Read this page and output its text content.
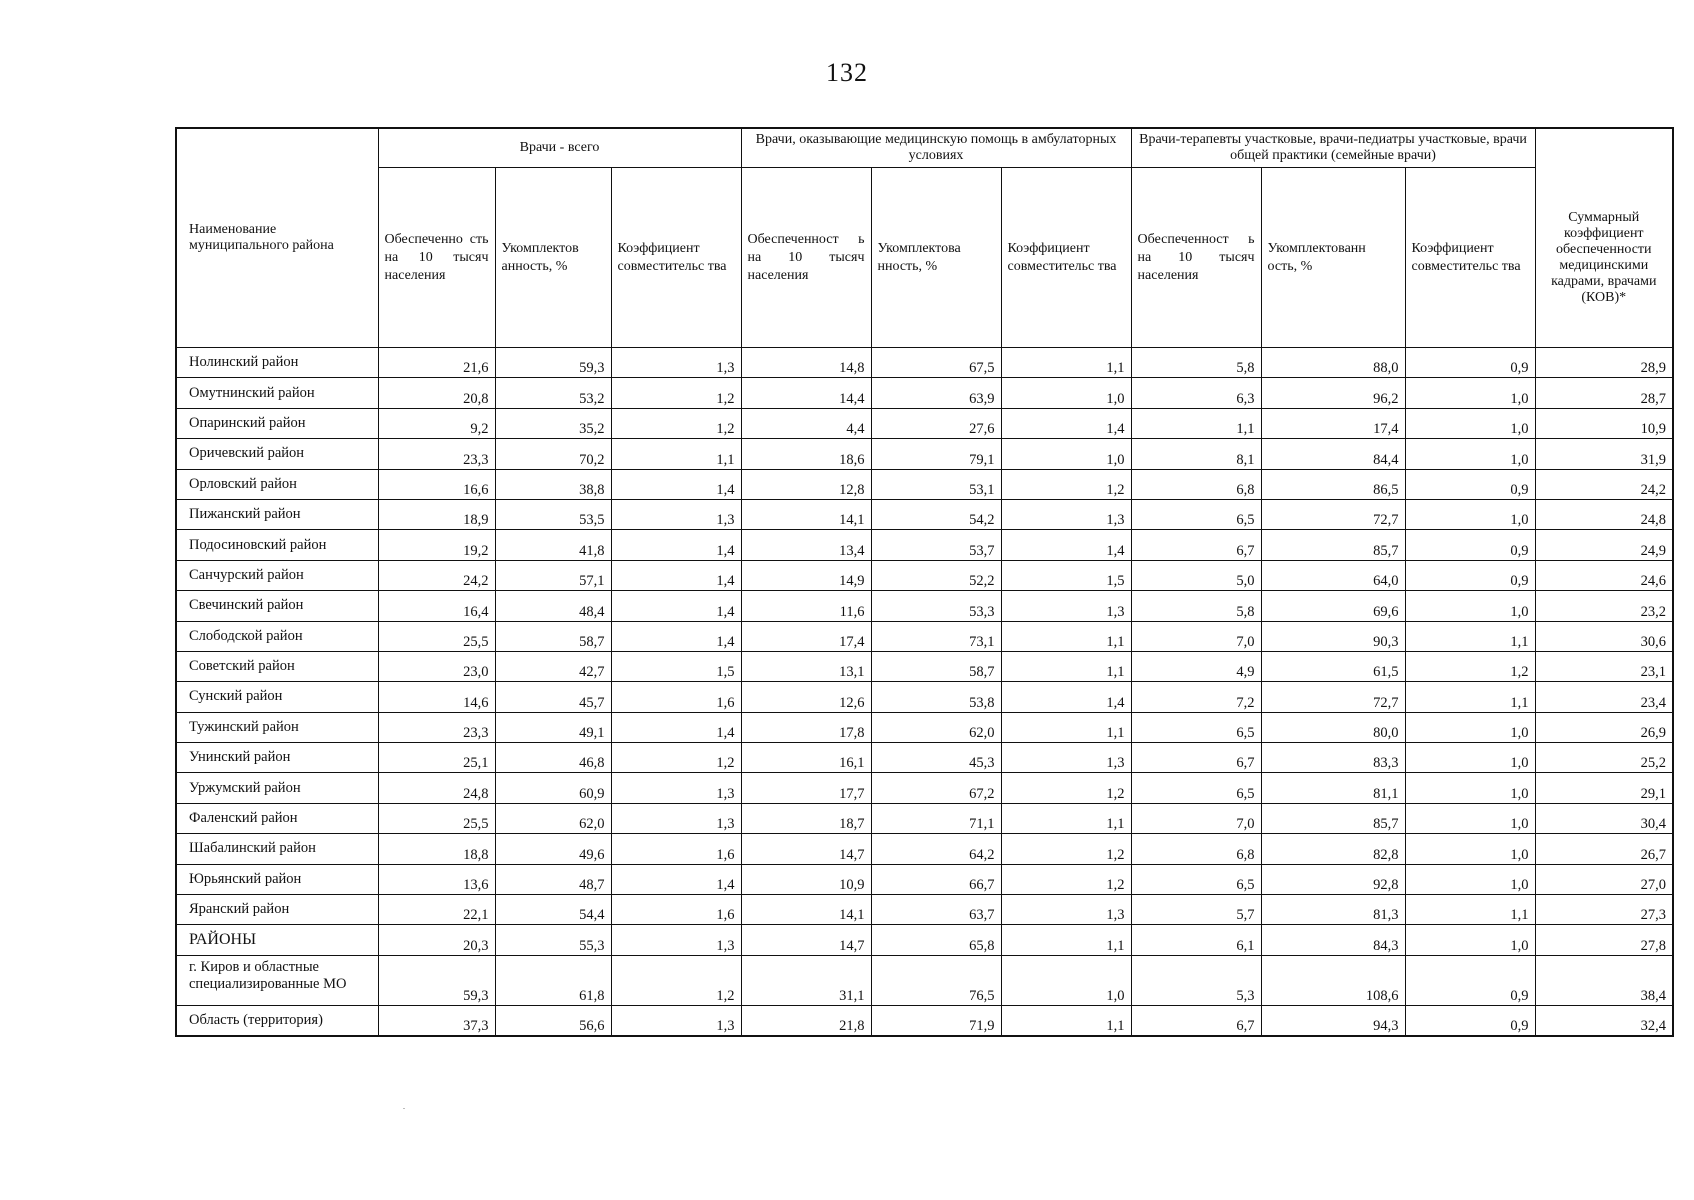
132
Наименование муниципального района	Врачи - всего			Врачи, оказывающие медицинскую помощь в амбулаторных условиях			Врачи-терапевты участковые, врачи-педиатры участковые, врачи общей практики (семейные врачи)			Суммарный коэффициент обеспеченности медицинскими кадрами, врачами (КОВ)*
	Обеспеченно сть на 10 тысяч населения	Укомплектов анность, %	Коэффициент совместительс тва	Обеспеченност ь на 10 тысяч населения	Укомплектова нность, %	Коэффициент совместительс тва	Обеспеченност ь на 10 тысяч населения	Укомплектованн ость, %	Коэффициент совместительс тва	
Нолинский район	21,6	59,3	1,3	14,8	67,5	1,1	5,8	88,0	0,9	28,9
Омутнинский район	20,8	53,2	1,2	14,4	63,9	1,0	6,3	96,2	1,0	28,7
Опаринский район	9,2	35,2	1,2	4,4	27,6	1,4	1,1	17,4	1,0	10,9
Оричевский район	23,3	70,2	1,1	18,6	79,1	1,0	8,1	84,4	1,0	31,9
Орловский район	16,6	38,8	1,4	12,8	53,1	1,2	6,8	86,5	0,9	24,2
Пижанский район	18,9	53,5	1,3	14,1	54,2	1,3	6,5	72,7	1,0	24,8
Подосиновский район	19,2	41,8	1,4	13,4	53,7	1,4	6,7	85,7	0,9	24,9
Санчурский район	24,2	57,1	1,4	14,9	52,2	1,5	5,0	64,0	0,9	24,6
Свечинский район	16,4	48,4	1,4	11,6	53,3	1,3	5,8	69,6	1,0	23,2
Слободской район	25,5	58,7	1,4	17,4	73,1	1,1	7,0	90,3	1,1	30,6
Советский район	23,0	42,7	1,5	13,1	58,7	1,1	4,9	61,5	1,2	23,1
Сунский район	14,6	45,7	1,6	12,6	53,8	1,4	7,2	72,7	1,1	23,4
Тужинский район	23,3	49,1	1,4	17,8	62,0	1,1	6,5	80,0	1,0	26,9
Унинский район	25,1	46,8	1,2	16,1	45,3	1,3	6,7	83,3	1,0	25,2
Уржумский район	24,8	60,9	1,3	17,7	67,2	1,2	6,5	81,1	1,0	29,1
Фаленский район	25,5	62,0	1,3	18,7	71,1	1,1	7,0	85,7	1,0	30,4
Шабалинский район	18,8	49,6	1,6	14,7	64,2	1,2	6,8	82,8	1,0	26,7
Юрьянский район	13,6	48,7	1,4	10,9	66,7	1,2	6,5	92,8	1,0	27,0
Яранский район	22,1	54,4	1,6	14,1	63,7	1,3	5,7	81,3	1,1	27,3
РАЙОНЫ	20,3	55,3	1,3	14,7	65,8	1,1	6,1	84,3	1,0	27,8
г. Киров и областные специализированные МО	59,3	61,8	1,2	31,1	76,5	1,0	5,3	108,6	0,9	38,4
Область (территория)	37,3	56,6	1,3	21,8	71,9	1,1	6,7	94,3	0,9	32,4
